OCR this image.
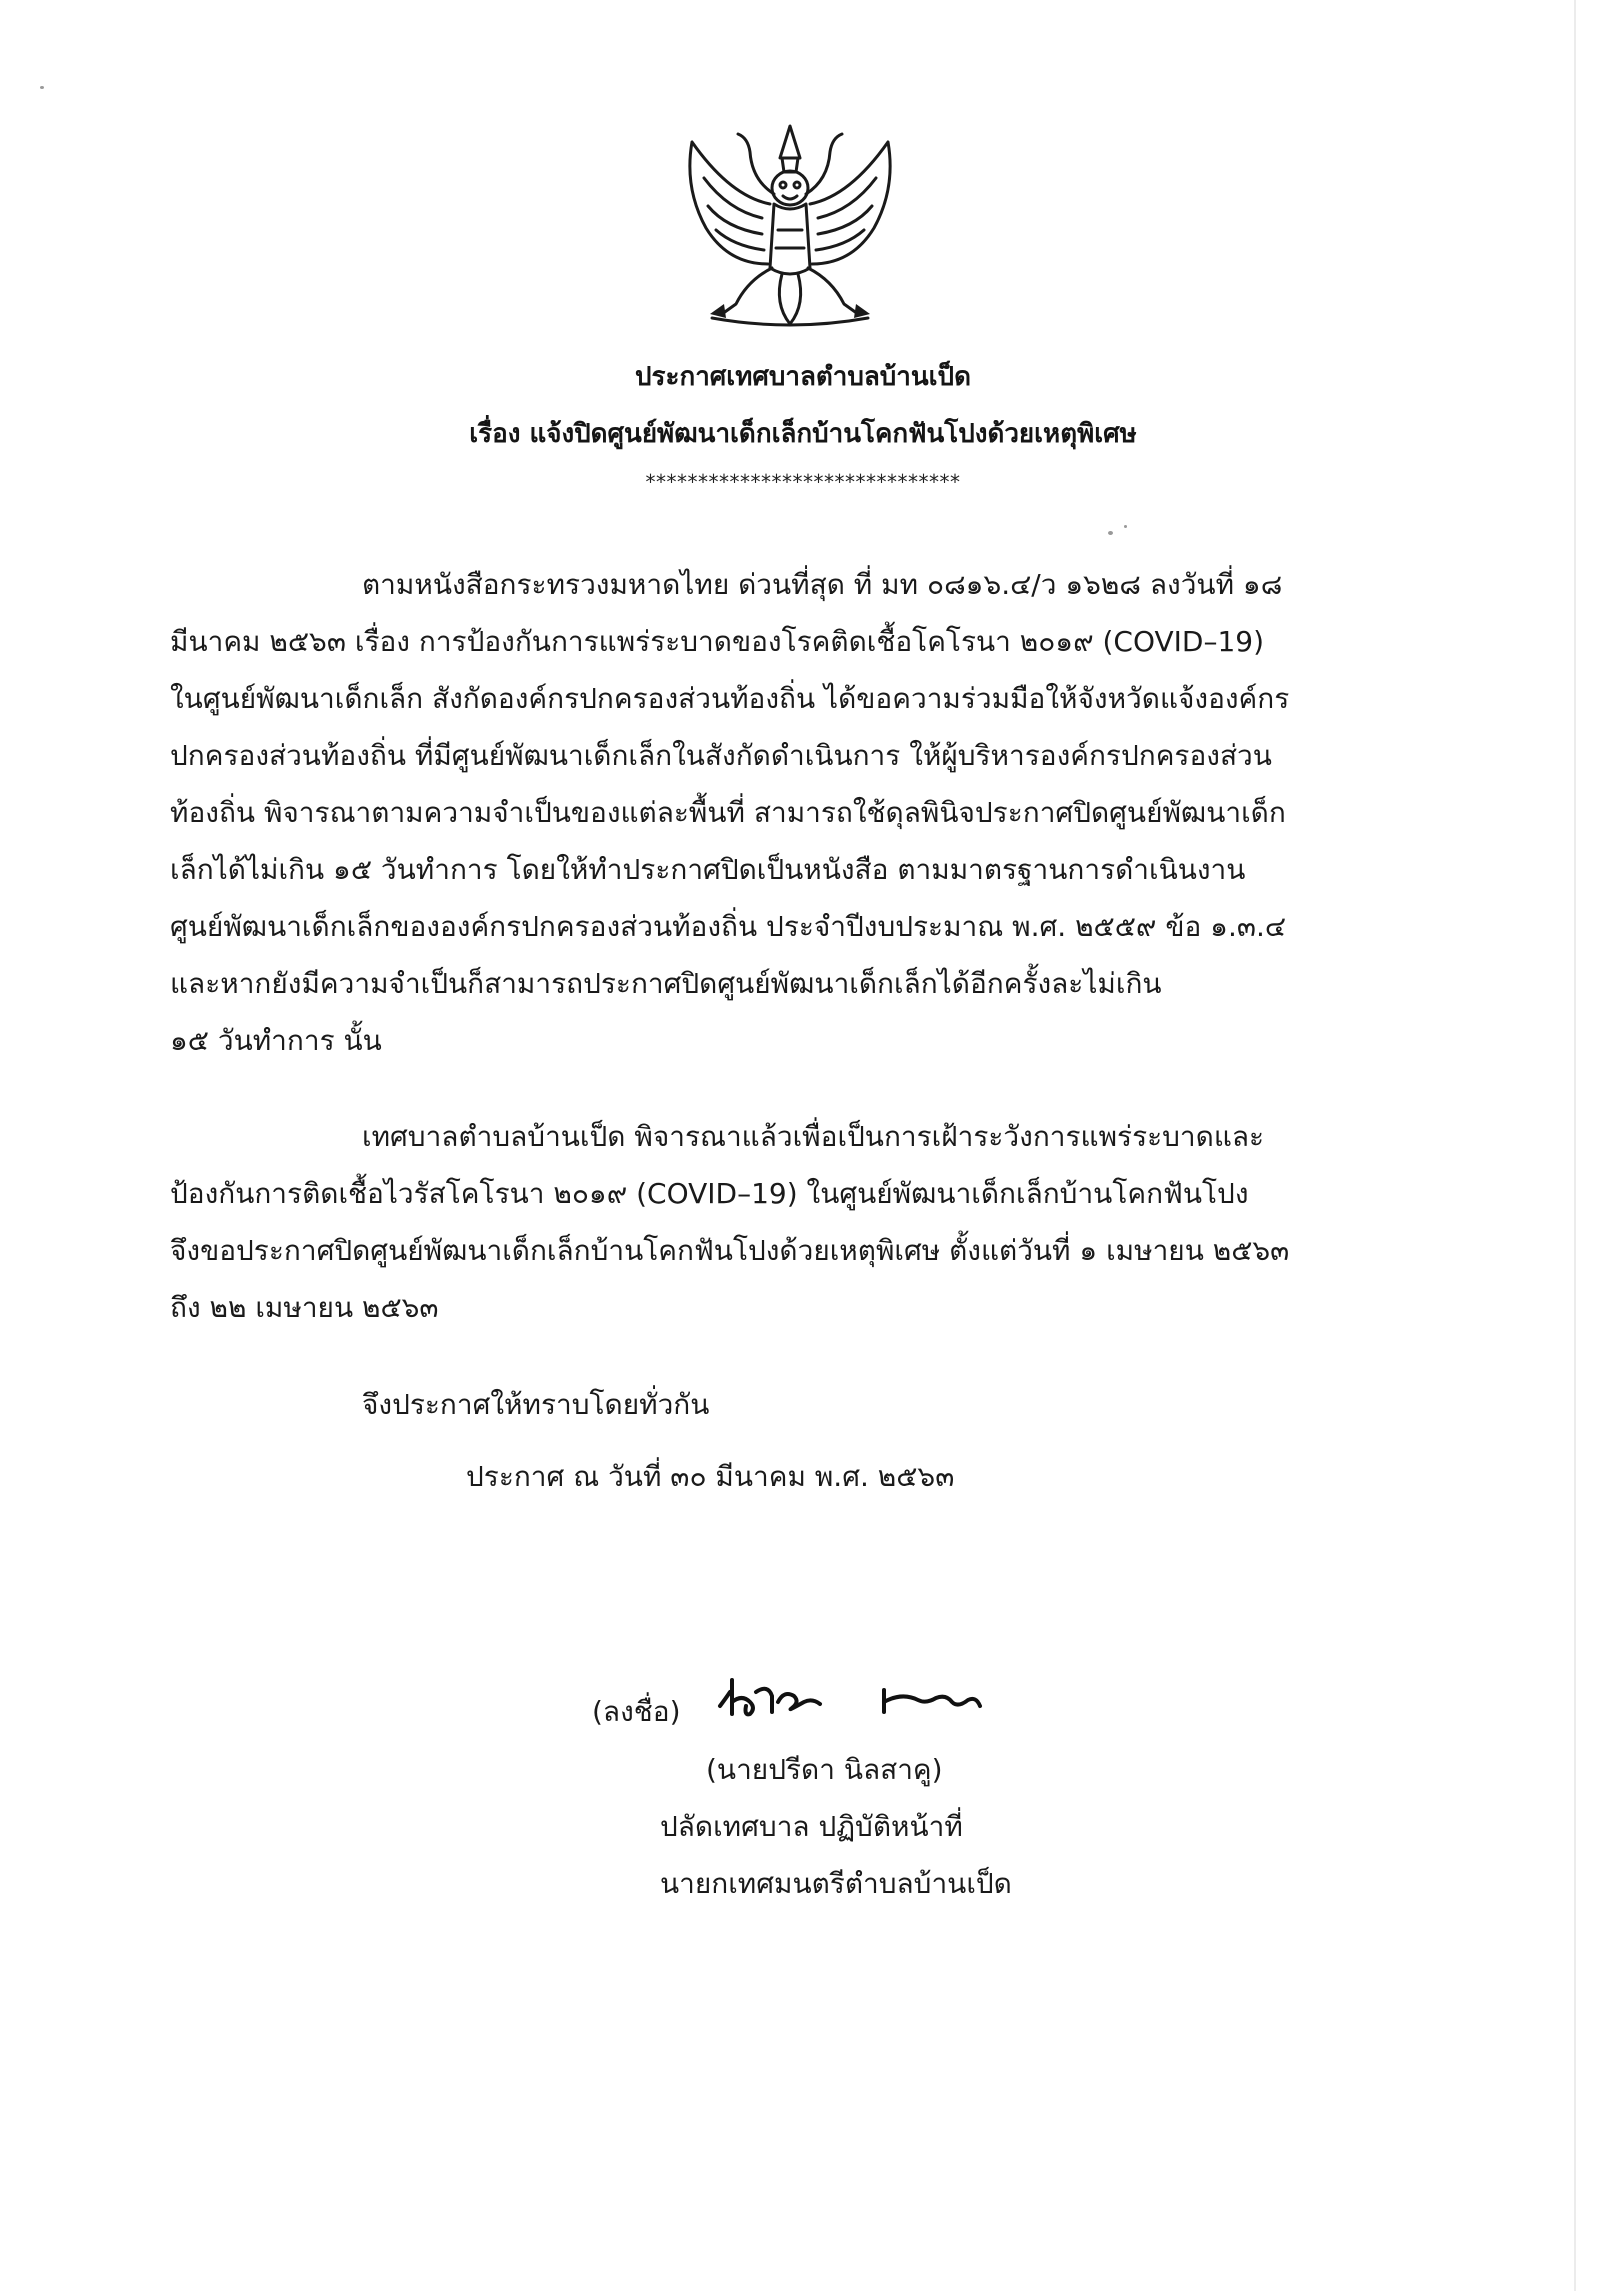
ประกาศเทศบาลตำบลบ้านเป็ด
เรื่อง แจ้งปิดศูนย์พัฒนาเด็กเล็กบ้านโคกฟันโปงด้วยเหตุพิเศษ
******************************
ตามหนังสือกระทรวงมหาดไทย ด่วนที่สุด ที่ มท ๐๘๑๖.๔/ว ๑๖๒๘ ลงวันที่ ๑๘
มีนาคม ๒๕๖๓ เรื่อง การป้องกันการแพร่ระบาดของโรคติดเชื้อโคโรนา ๒๐๑๙ (COVID–19)
ในศูนย์พัฒนาเด็กเล็ก สังกัดองค์กรปกครองส่วนท้องถิ่น ได้ขอความร่วมมือให้จังหวัดแจ้งองค์กร
ปกครองส่วนท้องถิ่น ที่มีศูนย์พัฒนาเด็กเล็กในสังกัดดำเนินการ ให้ผู้บริหารองค์กรปกครองส่วน
ท้องถิ่น พิจารณาตามความจำเป็นของแต่ละพื้นที่ สามารถใช้ดุลพินิจประกาศปิดศูนย์พัฒนาเด็ก
เล็กได้ไม่เกิน ๑๕ วันทำการ โดยให้ทำประกาศปิดเป็นหนังสือ ตามมาตรฐานการดำเนินงาน
ศูนย์พัฒนาเด็กเล็กขององค์กรปกครองส่วนท้องถิ่น ประจำปีงบประมาณ พ.ศ. ๒๕๕๙ ข้อ ๑.๓.๔
และหากยังมีความจำเป็นก็สามารถประกาศปิดศูนย์พัฒนาเด็กเล็กได้อีกครั้งละไม่เกิน
๑๕ วันทำการ นั้น
เทศบาลตำบลบ้านเป็ด พิจารณาแล้วเพื่อเป็นการเฝ้าระวังการแพร่ระบาดและ
ป้องกันการติดเชื้อไวรัสโคโรนา ๒๐๑๙ (COVID–19) ในศูนย์พัฒนาเด็กเล็กบ้านโคกฟันโปง
จึงขอประกาศปิดศูนย์พัฒนาเด็กเล็กบ้านโคกฟันโปงด้วยเหตุพิเศษ ตั้งแต่วันที่ ๑ เมษายน ๒๕๖๓
ถึง ๒๒ เมษายน ๒๕๖๓
จึงประกาศให้ทราบโดยทั่วกัน
ประกาศ ณ วันที่ ๓๐ มีนาคม พ.ศ. ๒๕๖๓
(ลงชื่อ)
(นายปรีดา นิลสาคู)
ปลัดเทศบาล ปฏิบัติหน้าที่
นายกเทศมนตรีตำบลบ้านเป็ด
